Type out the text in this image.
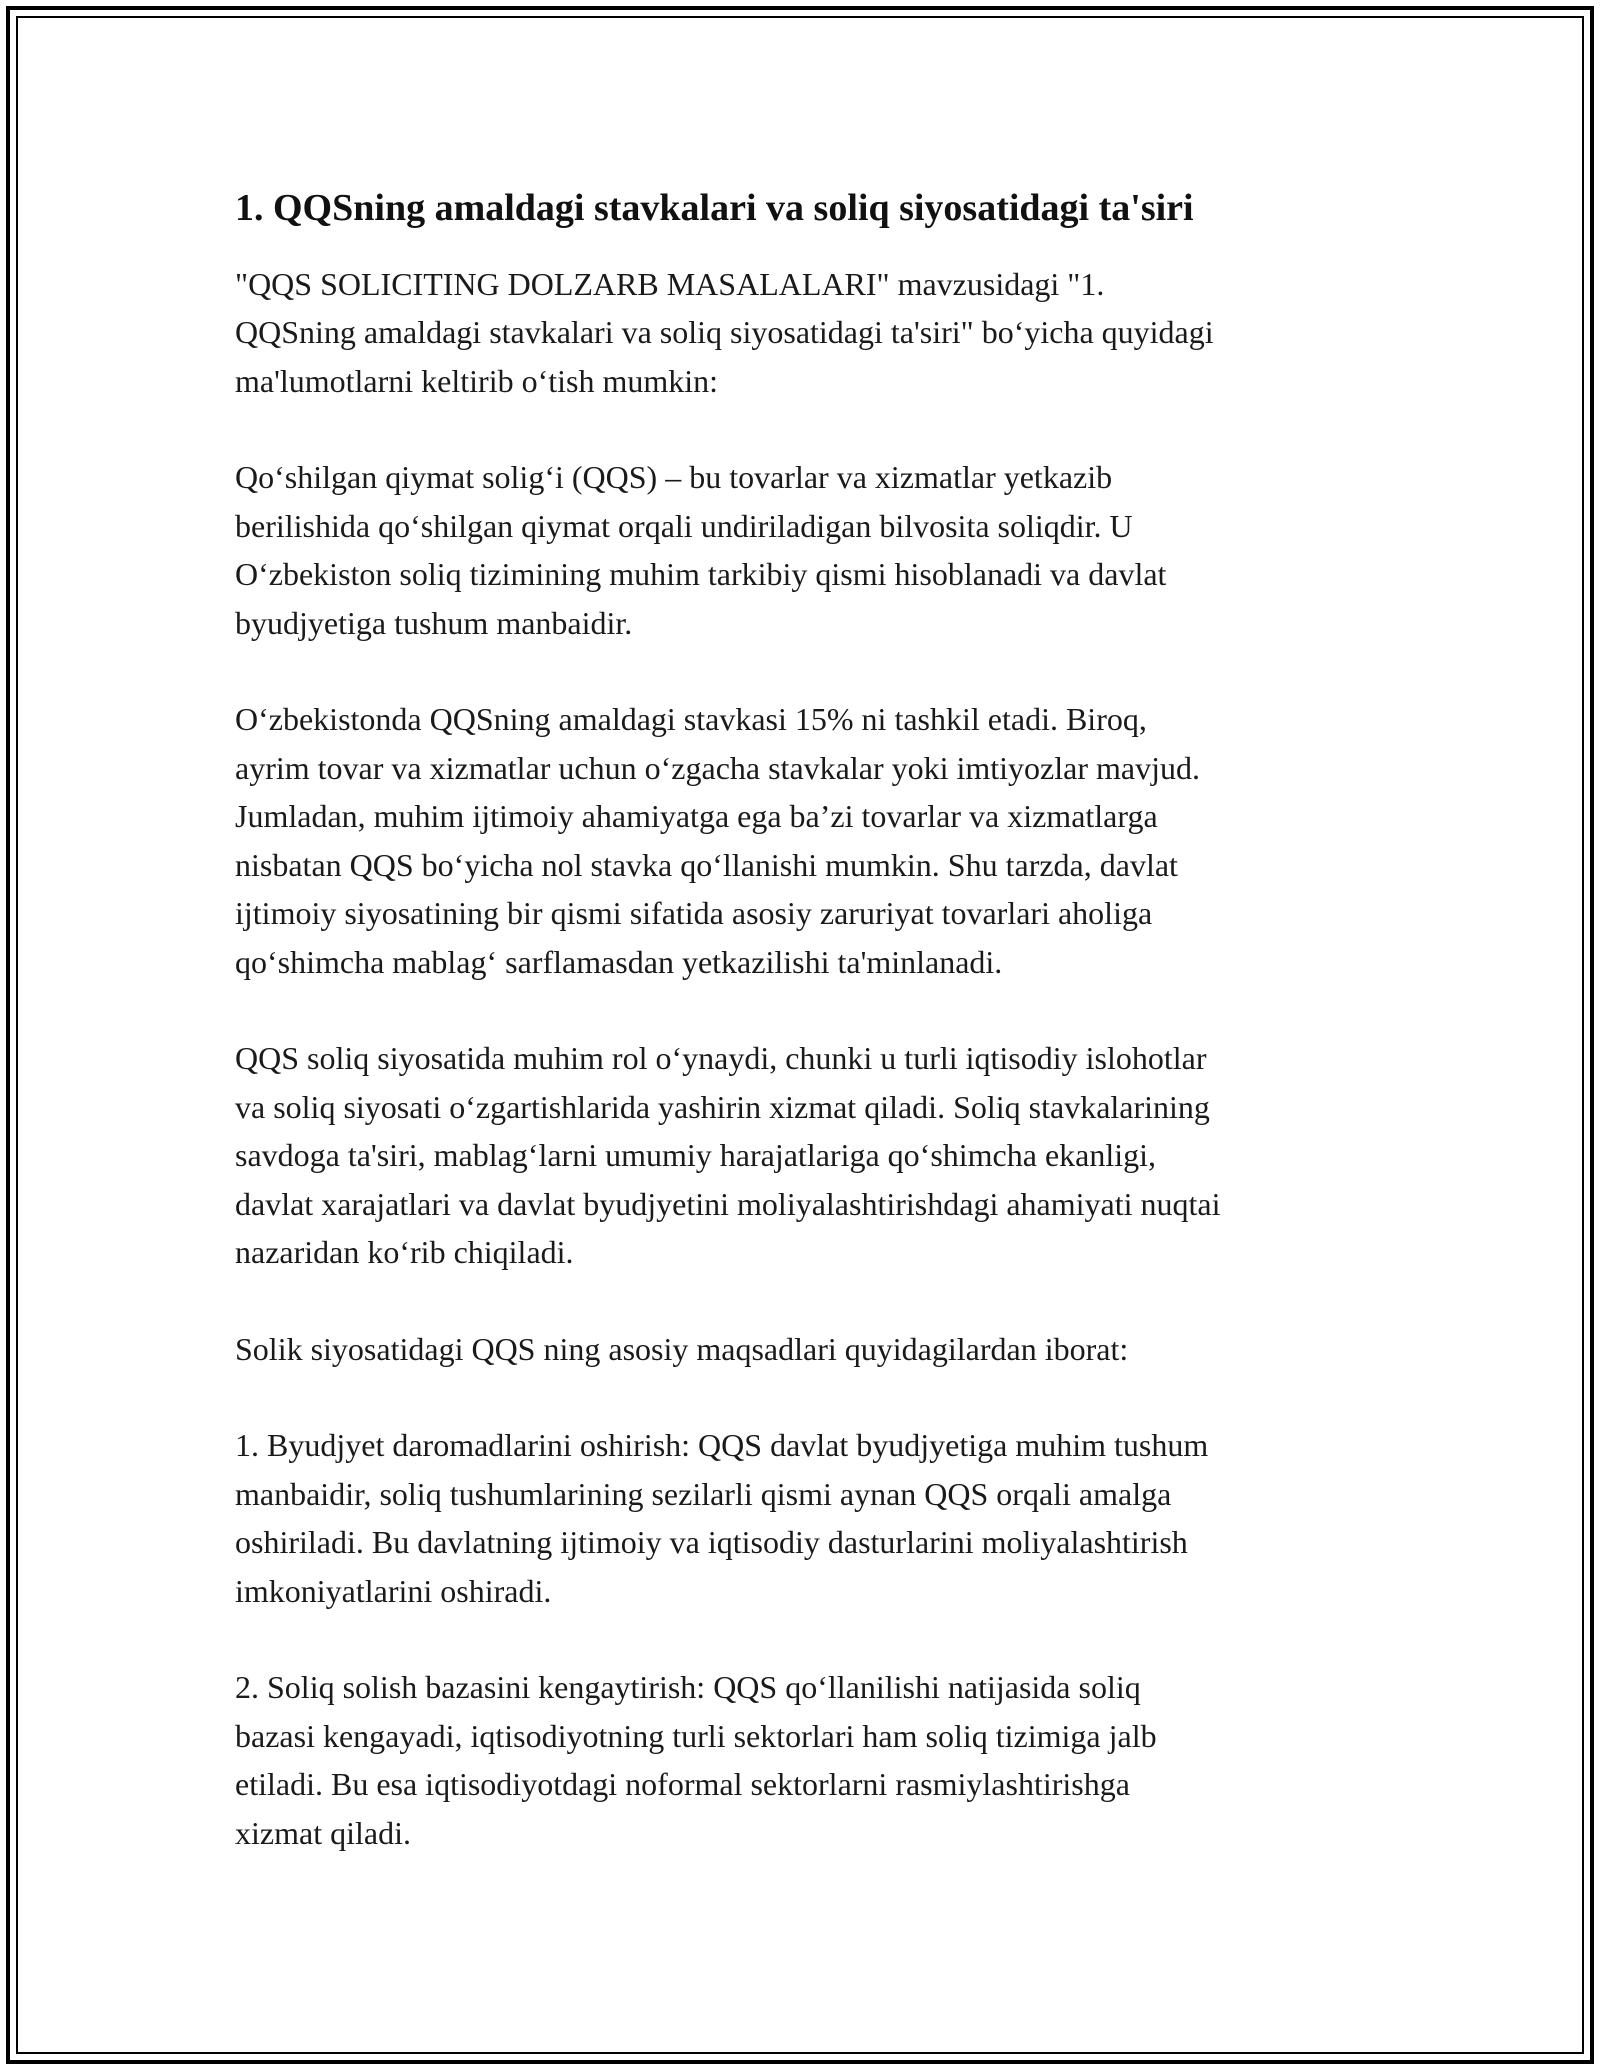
1. QQSning amaldagi stavkalari va soliq siyosatidagi ta'siri

"QQS SOLICITING DOLZARB MASALALARI" mavzusidagi "1.
QQSning amaldagi stavkalari va soliq siyosatidagi ta'siri" bo‘yicha quyidagi
ma'lumotlarni keltirib o‘tish mumkin:

Qo‘shilgan qiymat solig‘i (QQS) – bu tovarlar va xizmatlar yetkazib
berilishida qo‘shilgan qiymat orqali undiriladigan bilvosita soliqdir. U
O‘zbekiston soliq tizimining muhim tarkibiy qismi hisoblanadi va davlat
byudjyetiga tushum manbaidir.

O‘zbekistonda QQSning amaldagi stavkasi 15% ni tashkil etadi. Biroq,
ayrim tovar va xizmatlar uchun o‘zgacha stavkalar yoki imtiyozlar mavjud.
Jumladan, muhim ijtimoiy ahamiyatga ega ba’zi tovarlar va xizmatlarga
nisbatan QQS bo‘yicha nol stavka qo‘llanishi mumkin. Shu tarzda, davlat
ijtimoiy siyosatining bir qismi sifatida asosiy zaruriyat tovarlari aholiga
qo‘shimcha mablag‘ sarflamasdan yetkazilishi ta'minlanadi.

QQS soliq siyosatida muhim rol o‘ynaydi, chunki u turli iqtisodiy islohotlar
va soliq siyosati o‘zgartishlarida yashirin xizmat qiladi. Soliq stavkalarining
savdoga ta'siri, mablag‘larni umumiy harajatlariga qo‘shimcha ekanligi,
davlat xarajatlari va davlat byudjyetini moliyalashtirishdagi ahamiyati nuqtai
nazaridan ko‘rib chiqiladi.

Solik siyosatidagi QQS ning asosiy maqsadlari quyidagilardan iborat:

1. Byudjyet daromadlarini oshirish: QQS davlat byudjyetiga muhim tushum
manbaidir, soliq tushumlarining sezilarli qismi aynan QQS orqali amalga
oshiriladi. Bu davlatning ijtimoiy va iqtisodiy dasturlarini moliyalashtirish
imkoniyatlarini oshiradi.

2. Soliq solish bazasini kengaytirish: QQS qo‘llanilishi natijasida soliq
bazasi kengayadi, iqtisodiyotning turli sektorlari ham soliq tizimiga jalb
etiladi. Bu esa iqtisodiyotdagi noformal sektorlarni rasmiylashtirishga
xizmat qiladi.
